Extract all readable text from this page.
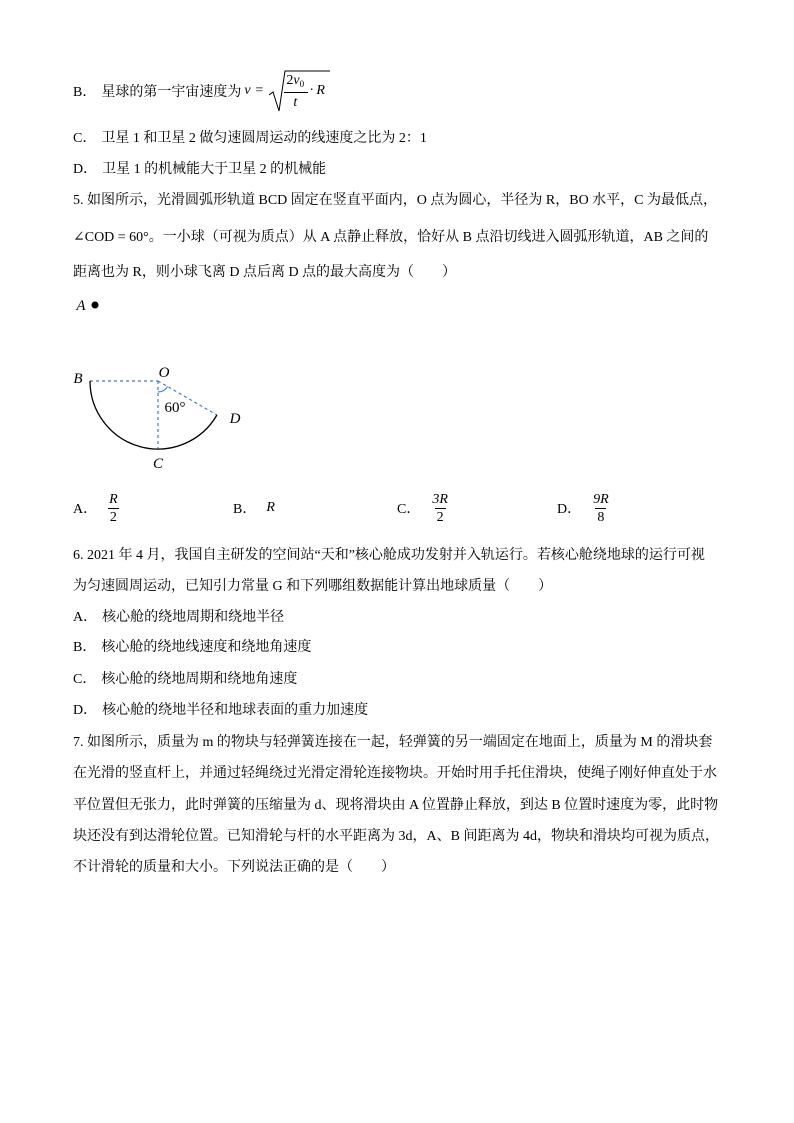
B． 星球的第一宇宙速度为 v =
$2v_0$
t
· R
C． 卫星 1 和卫星 2 做匀速圆周运动的线速度之比为 2：1
D． 卫星 1 的机械能大于卫星 2 的机械能
5. 如图所示，光滑圆弧形轨道 BCD 固定在竖直平面内，O 点为圆心，半径为 R，BO 水平，C 为最低点，
∠COD = 60°。一小球（可视为质点）从 A 点静止释放，恰好从 B 点沿切线进入圆弧形轨道，AB 之间的
距离也为 R，则小球飞离 D 点后离 D 点的最大高度为（　　）
A
B	O
60°
D
C
A． $\frac{R}{2}$	B． R	C． $\frac{3R}{2}$	D． $\frac{9R}{8}$
6. 2021 年 4 月，我国自主研发的空间站“天和”核心舱成功发射并入轨运行。若核心舱绕地球的运行可视
为匀速圆周运动，已知引力常量 G 和下列哪组数据能计算出地球质量（　　）
A． 核心舱的绕地周期和绕地半径
B． 核心舱的绕地线速度和绕地角速度
C． 核心舱的绕地周期和绕地角速度
D． 核心舱的绕地半径和地球表面的重力加速度
7. 如图所示，质量为 m 的物块与轻弹簧连接在一起，轻弹簧的另一端固定在地面上，质量为 M 的滑块套
在光滑的竖直杆上，并通过轻绳绕过光滑定滑轮连接物块。开始时用手托住滑块，使绳子刚好伸直处于水
平位置但无张力，此时弹簧的压缩量为 d、现将滑块由 A 位置静止释放，到达 B 位置时速度为零，此时物
块还没有到达滑轮位置。已知滑轮与杆的水平距离为 3d，A、B 间距离为 4d，物块和滑块均可视为质点，
不计滑轮的质量和大小。下列说法正确的是（　　）
